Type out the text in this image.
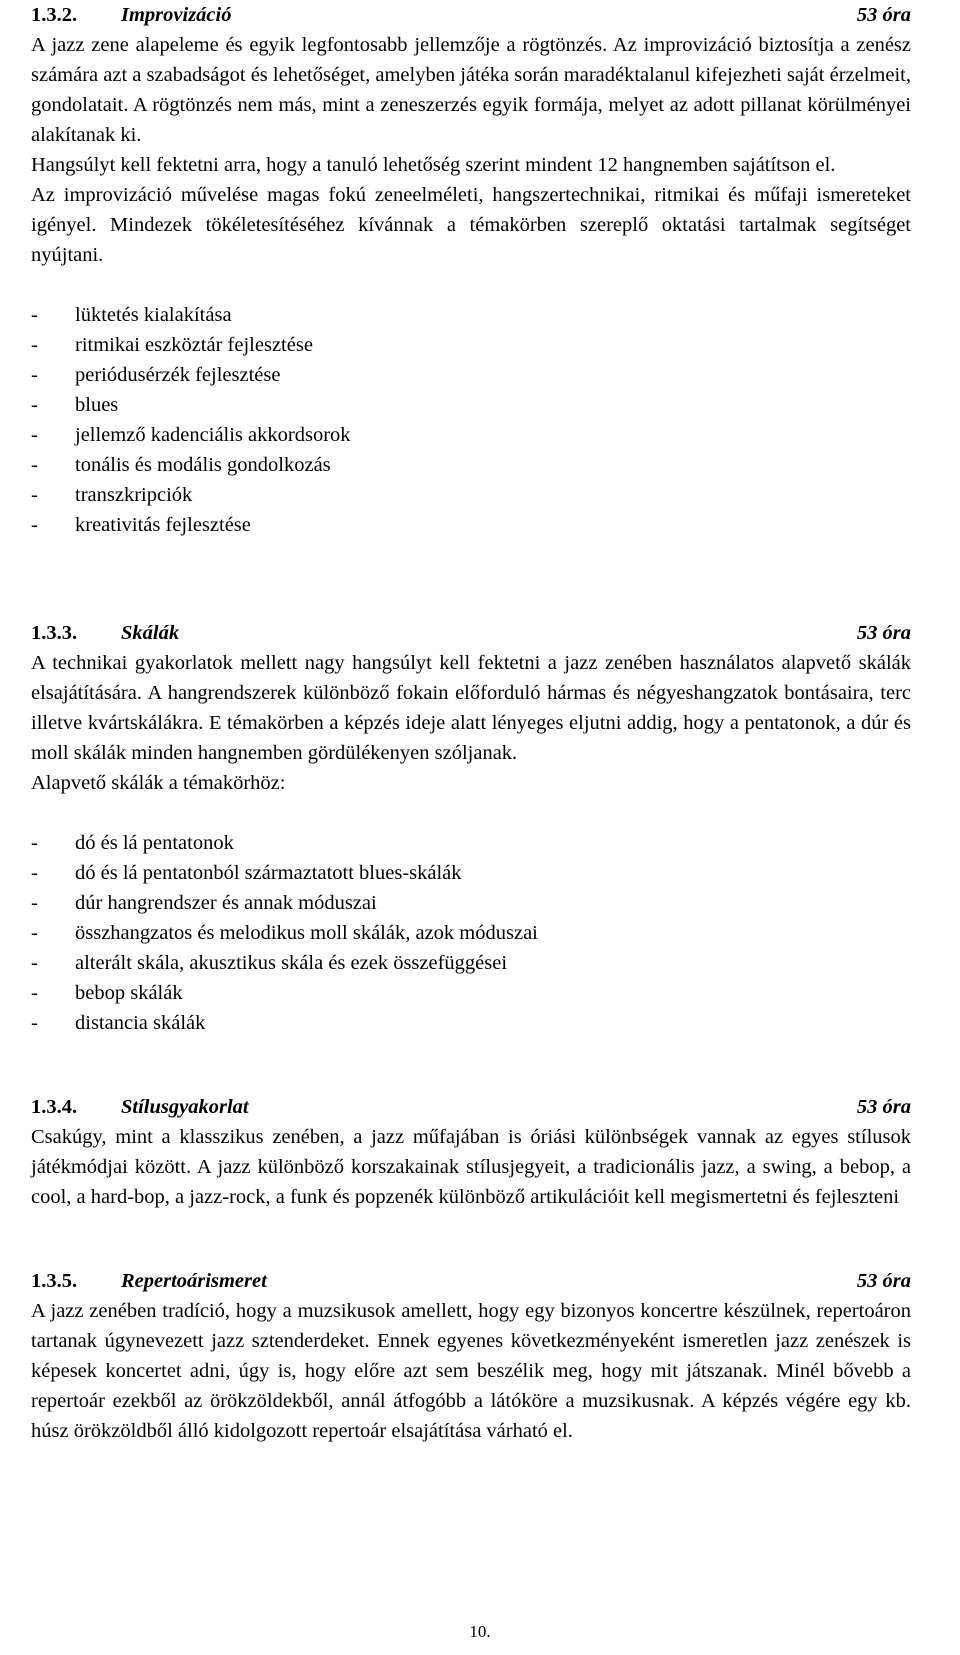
1.3.2.	Improvizáció	53 óra

A jazz zene alapeleme és egyik legfontosabb jellemzője a rögtönzés. Az improvizáció biztosítja a zenész számára azt a szabadságot és lehetőséget, amelyben játéka során maradéktalanul kifejezheti saját érzelmeit, gondolatait. A rögtönzés nem más, mint a zeneszerzés egyik formája, melyet az adott pillanat körülményei alakítanak ki.

Hangsúlyt kell fektetni arra, hogy a tanuló lehetőség szerint mindent 12 hangnemben sajátítson el.

Az improvizáció művelése magas fokú zeneelméleti, hangszertechnikai, ritmikai és műfaji ismereteket igényel. Mindezek tökéletesítéséhez kívánnak a témakörben szereplő oktatási tartalmak segítséget nyújtani.

-	lüktetés kialakítása
-	ritmikai eszköztár fejlesztése
-	periódusérzék fejlesztése
-	blues
-	jellemző kadenciális akkordsorok
-	tonális és modális gondolkozás
-	transzkripciók
-	kreativitás fejlesztése
1.3.3.	Skálák	53 óra

A technikai gyakorlatok mellett nagy hangsúlyt kell fektetni a jazz zenében használatos alapvető skálák elsajátítására. A hangrendszerek különböző fokain előforduló hármas és négyeshangzatok bontásaira, terc illetve kvártskálákra. E témakörben a képzés ideje alatt lényeges eljutni addig, hogy a pentatonok, a dúr és moll skálák minden hangnemben gördülékenyen szóljanak.

Alapvető skálák a témakörhöz:

-	dó és lá pentatonok
-	dó és lá pentatonból származtatott blues-skálák
-	dúr hangrendszer és annak móduszai
-	összhangzatos és melodikus moll skálák, azok móduszai
-	alterált skála, akusztikus skála és ezek összefüggései
-	bebop skálák
-	distancia skálák
1.3.4.	Stílusgyakorlat	53 óra

Csakúgy, mint a klasszikus zenében, a jazz műfajában is óriási különbségek vannak az egyes stílusok játékmódjai között. A jazz különböző korszakainak stílusjegyeit, a tradicionális jazz, a swing, a bebop, a cool, a hard-bop, a jazz-rock, a funk és popzenék különböző artikulációit kell megismertetni és fejleszteni

1.3.5.	Repertoárismeret	53 óra

A jazz zenében tradíció, hogy a muzsikusok amellett, hogy egy bizonyos koncertre készülnek, repertoáron tartanak úgynevezett jazz sztenderdeket. Ennek egyenes következményeként ismeretlen jazz zenészek is képesek koncertet adni, úgy is, hogy előre azt sem beszélik meg, hogy mit játszanak. Minél bővebb a repertoár ezekből az örökzöldekből, annál átfogóbb a látóköre a muzsikusnak. A képzés végére egy kb. húsz örökzöldből álló kidolgozott repertoár elsajátítása várható el.

10.
